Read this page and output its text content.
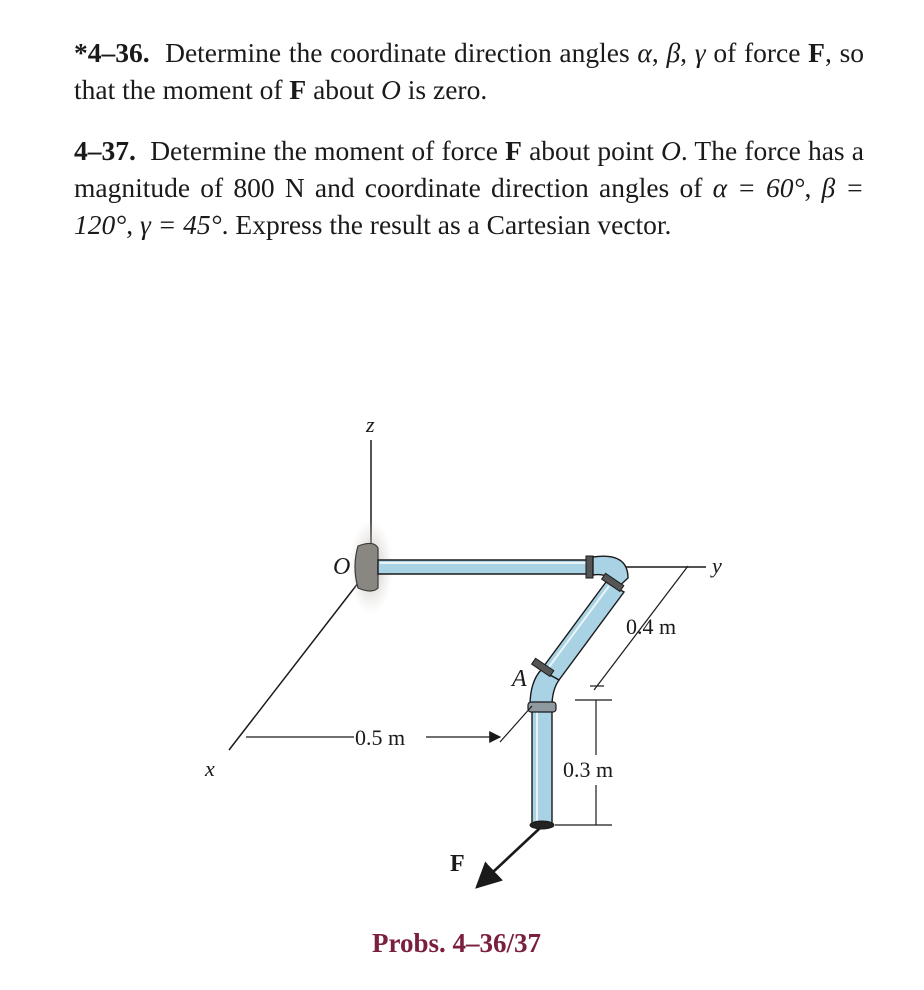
*4–36. Determine the coordinate direction angles α, β, γ of force F, so that the moment of F about O is zero.
4–37. Determine the moment of force F about point O. The force has a magnitude of 800 N and coordinate direction angles of α = 60°, β = 120°, γ = 45°. Express the result as a Cartesian vector.
z
x
y
O
A
0.4 m
0.5 m
0.3 m
F
Probs. 4–36/37
